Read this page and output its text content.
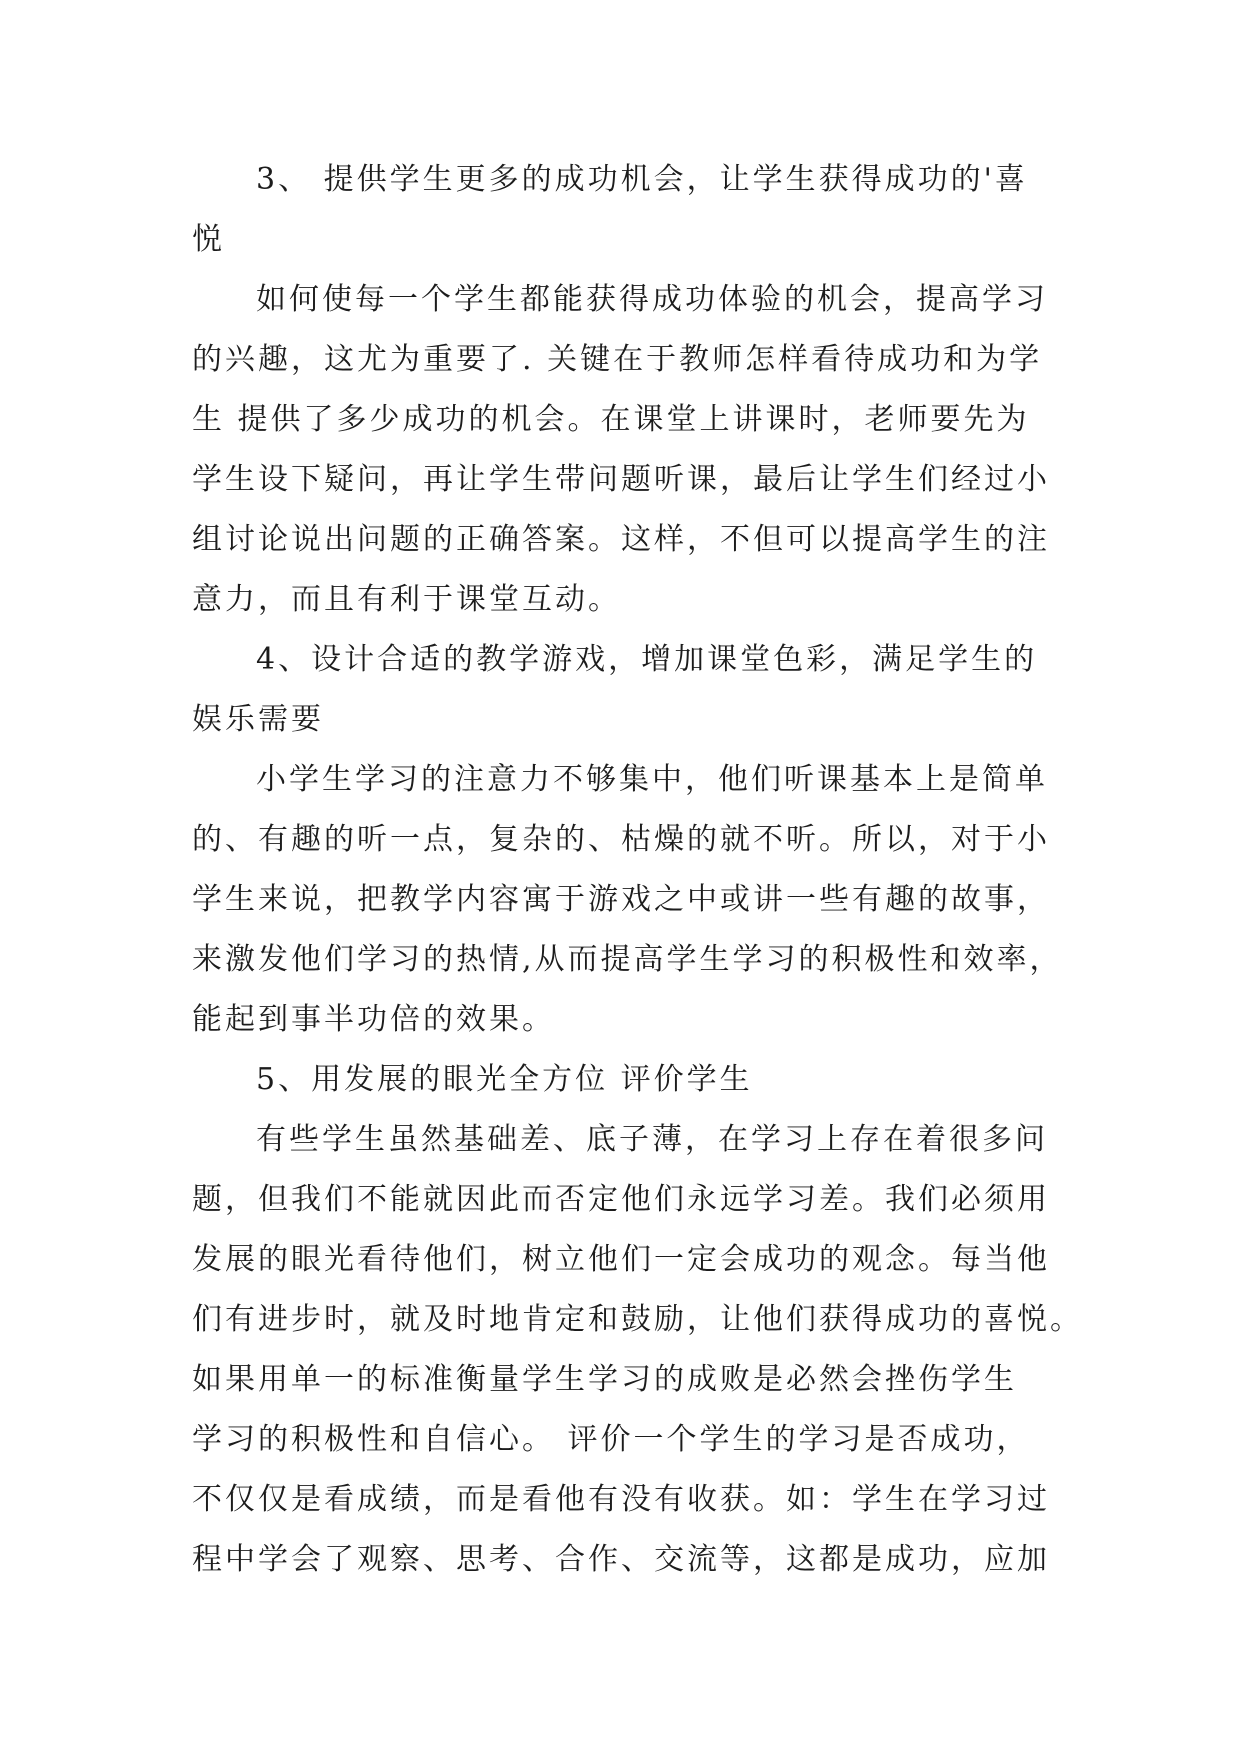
3、 提供学生更多的成功机会，让学生获得成功的'喜
悦
如何使每一个学生都能获得成功体验的机会，提高学习
的兴趣，这尤为重要了. 关键在于教师怎样看待成功和为学
生 提供了多少成功的机会。在课堂上讲课时，老师要先为
学生设下疑问，再让学生带问题听课，最后让学生们经过小
组讨论说出问题的正确答案。这样，不但可以提高学生的注
意力，而且有利于课堂互动。
4、设计合适的教学游戏，增加课堂色彩，满足学生的
娱乐需要
小学生学习的注意力不够集中，他们听课基本上是简单
的、有趣的听一点，复杂的、枯燥的就不听。所以，对于小
学生来说，把教学内容寓于游戏之中或讲一些有趣的故事，
来激发他们学习的热情,从而提高学生学习的积极性和效率，
能起到事半功倍的效果。
5、用发展的眼光全方位 评价学生
有些学生虽然基础差、底子薄，在学习上存在着很多问
题，但我们不能就因此而否定他们永远学习差。我们必须用
发展的眼光看待他们，树立他们一定会成功的观念。每当他
们有进步时，就及时地肯定和鼓励，让他们获得成功的喜悦。
如果用单一的标准衡量学生学习的成败是必然会挫伤学生
学习的积极性和自信心。 评价一个学生的学习是否成功，
不仅仅是看成绩，而是看他有没有收获。如：学生在学习过
程中学会了观察、思考、合作、交流等，这都是成功，应加
